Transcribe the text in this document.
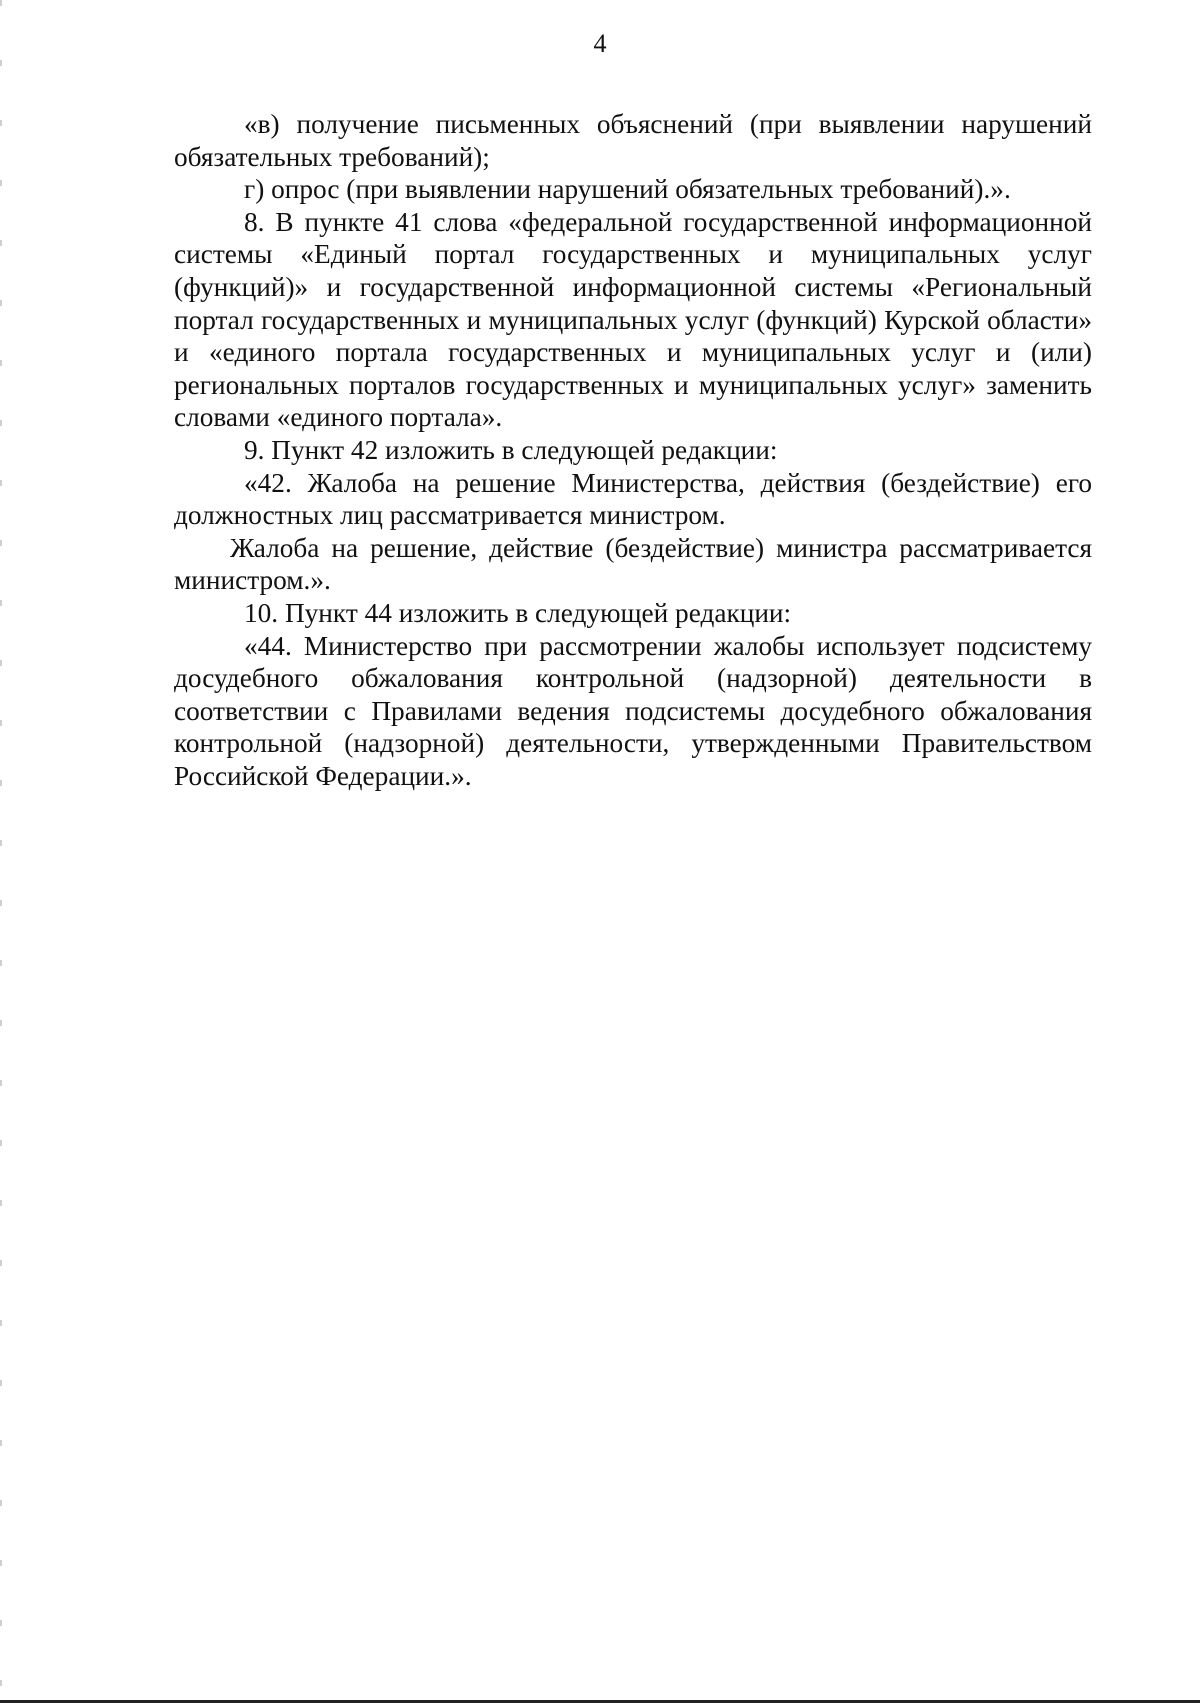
4

«в) получение письменных объяснений (при выявлении нарушений обязательных требований);

г) опрос (при выявлении нарушений обязательных требований).».

8. В пункте 41 слова «федеральной государственной информационной системы «Единый портал государственных и муниципальных услуг (функций)» и государственной информационной системы «Региональный портал государственных и муниципальных услуг (функций) Курской области» и «единого портала государственных и муниципальных услуг и (или) региональных порталов государственных и муниципальных услуг» заменить словами «единого портала».

9. Пункт 42 изложить в следующей редакции:

«42. Жалоба на решение Министерства, действия (бездействие) его должностных лиц рассматривается министром.

Жалоба на решение, действие (бездействие) министра рассматривается министром.».

10. Пункт 44 изложить в следующей редакции:

«44. Министерство при рассмотрении жалобы использует подсистему досудебного обжалования контрольной (надзорной) деятельности в соответствии с Правилами ведения подсистемы досудебного обжалования контрольной (надзорной) деятельности, утвержденными Правительством Российской Федерации.».
